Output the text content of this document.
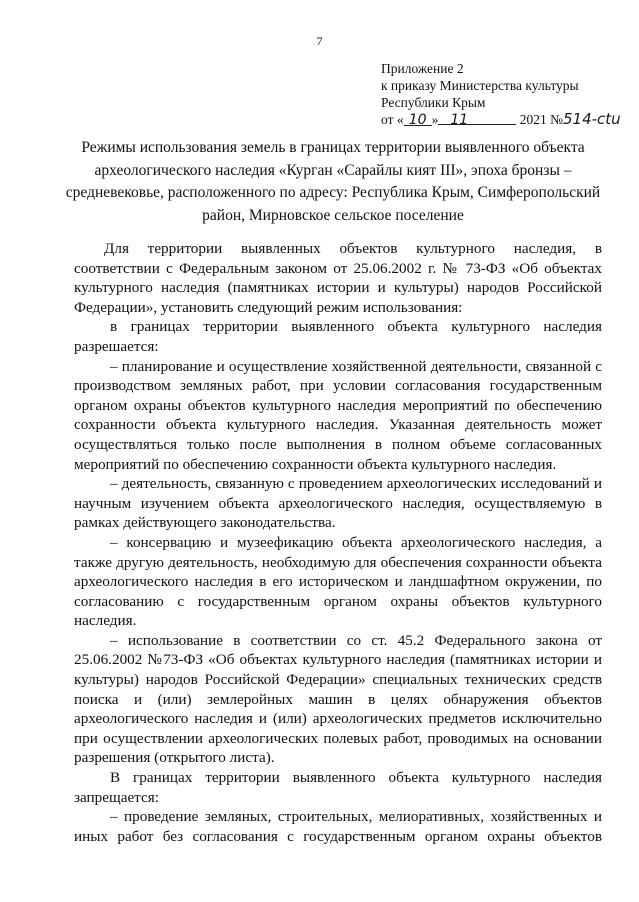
7
Приложение 2
к приказу Министерства культуры
Республики Крым
от « 10 » 11	2021 №514-ctu
Режимы использования земель в границах территории выявленного объекта
археологического наследия «Курган «Сарайлы кият III», эпоха бронзы –
средневековье, расположенного по адресу: Республика Крым, Симферопольский
район, Мирновское сельское поселение
Для территории выявленных объектов культурного наследия, в
соответствии с Федеральным законом от 25.06.2002 г. № 73-ФЗ «Об объектах
культурного наследия (памятниках истории и культуры) народов Российской
Федерации», установить следующий режим использования:
в границах территории выявленного объекта культурного наследия
разрешается:
– планирование и осуществление хозяйственной деятельности, связанной с
производством земляных работ, при условии согласования государственным
органом охраны объектов культурного наследия мероприятий по обеспечению
сохранности объекта культурного наследия. Указанная деятельность может
осуществляться только после выполнения в полном объеме согласованных
мероприятий по обеспечению сохранности объекта культурного наследия.
– деятельность, связанную с проведением археологических исследований и
научным изучением объекта археологического наследия, осуществляемую в
рамках действующего законодательства.
– консервацию и музеефикацию объекта археологического наследия, а
также другую деятельность, необходимую для обеспечения сохранности объекта
археологического наследия в его историческом и ландшафтном окружении, по
согласованию с государственным органом охраны объектов культурного
наследия.
– использование в соответствии со ст. 45.2 Федерального закона от
25.06.2002 №73-ФЗ «Об объектах культурного наследия (памятниках истории и
культуры) народов Российской Федерации» специальных технических средств
поиска и (или) землеройных машин в целях обнаружения объектов
археологического наследия и (или) археологических предметов исключительно
при осуществлении археологических полевых работ, проводимых на основании
разрешения (открытого листа).
В границах территории выявленного объекта культурного наследия
запрещается:
– проведение земляных, строительных, мелиоративных, хозяйственных и
иных работ без согласования с государственным органом охраны объектов
